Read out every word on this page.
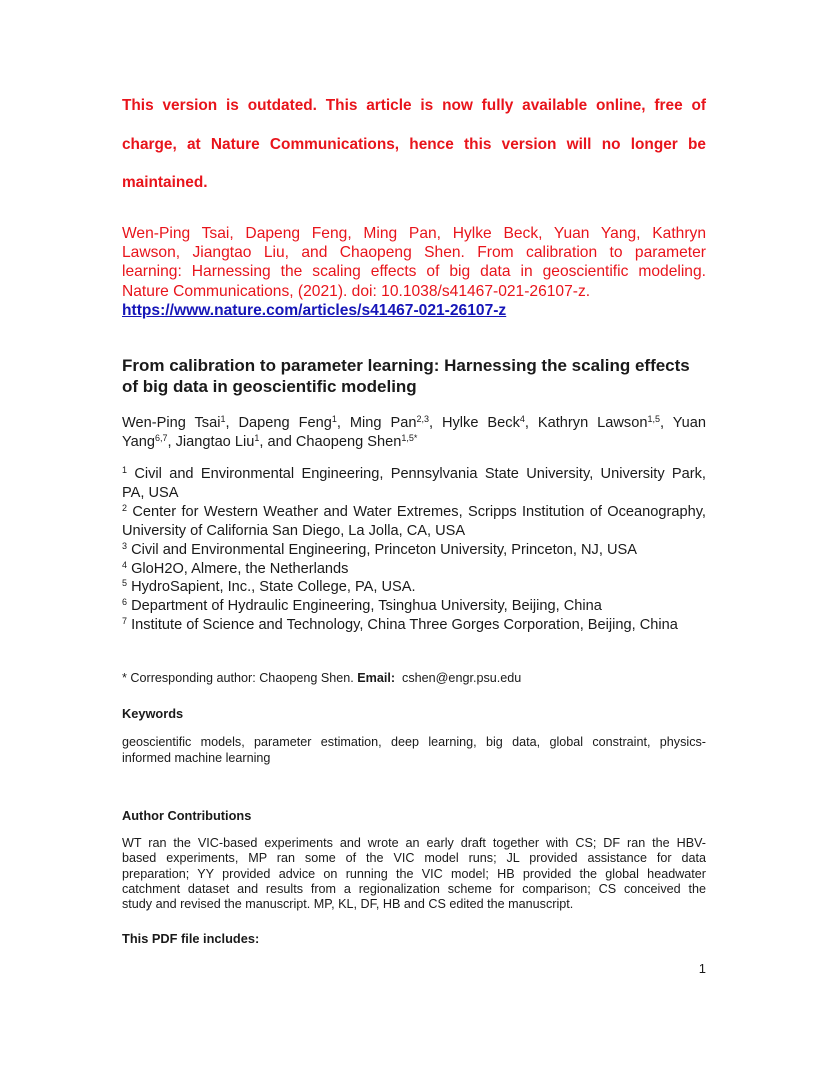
This version is outdated. This article is now fully available online, free of
charge, at Nature Communications, hence this version will no longer be
maintained.
Wen-Ping Tsai, Dapeng Feng, Ming Pan, Hylke Beck, Yuan Yang, Kathryn
Lawson, Jiangtao Liu, and Chaopeng Shen. From calibration to parameter
learning: Harnessing the scaling effects of big data in geoscientific modeling.
Nature Communications, (2021). doi: 10.1038/s41467-021-26107-z.
https://www.nature.com/articles/s41467-021-26107-z
From calibration to parameter learning: Harnessing the scaling effects of big data in geoscientific modeling
Wen-Ping Tsai$^1$, Dapeng Feng$^1$, Ming Pan$^{2,3}$, Hylke Beck$^4$, Kathryn Lawson$^{1,5}$, Yuan
Yang$^{6,7}$, Jiangtao Liu$^1$, and Chaopeng Shen$^{1,5*}$
$^1$ Civil and Environmental Engineering, Pennsylvania State University, University Park,
PA, USA
$^2$ Center for Western Weather and Water Extremes, Scripps Institution of Oceanography,
University of California San Diego, La Jolla, CA, USA
$^3$ Civil and Environmental Engineering, Princeton University, Princeton, NJ, USA
$^4$ GloH2O, Almere, the Netherlands
$^5$ HydroSapient, Inc., State College, PA, USA.
$^6$ Department of Hydraulic Engineering, Tsinghua University, Beijing, China
$^7$ Institute of Science and Technology, China Three Gorges Corporation, Beijing, China
* Corresponding author: Chaopeng Shen. Email: cshen@engr.psu.edu
Keywords
geoscientific models, parameter estimation, deep learning, big data, global constraint, physics-
informed machine learning
Author Contributions
WT ran the VIC-based experiments and wrote an early draft together with CS; DF ran the HBV-
based experiments, MP ran some of the VIC model runs; JL provided assistance for data
preparation; YY provided advice on running the VIC model; HB provided the global headwater
catchment dataset and results from a regionalization scheme for comparison; CS conceived the
study and revised the manuscript. MP, KL, DF, HB and CS edited the manuscript.
This PDF file includes:
1
